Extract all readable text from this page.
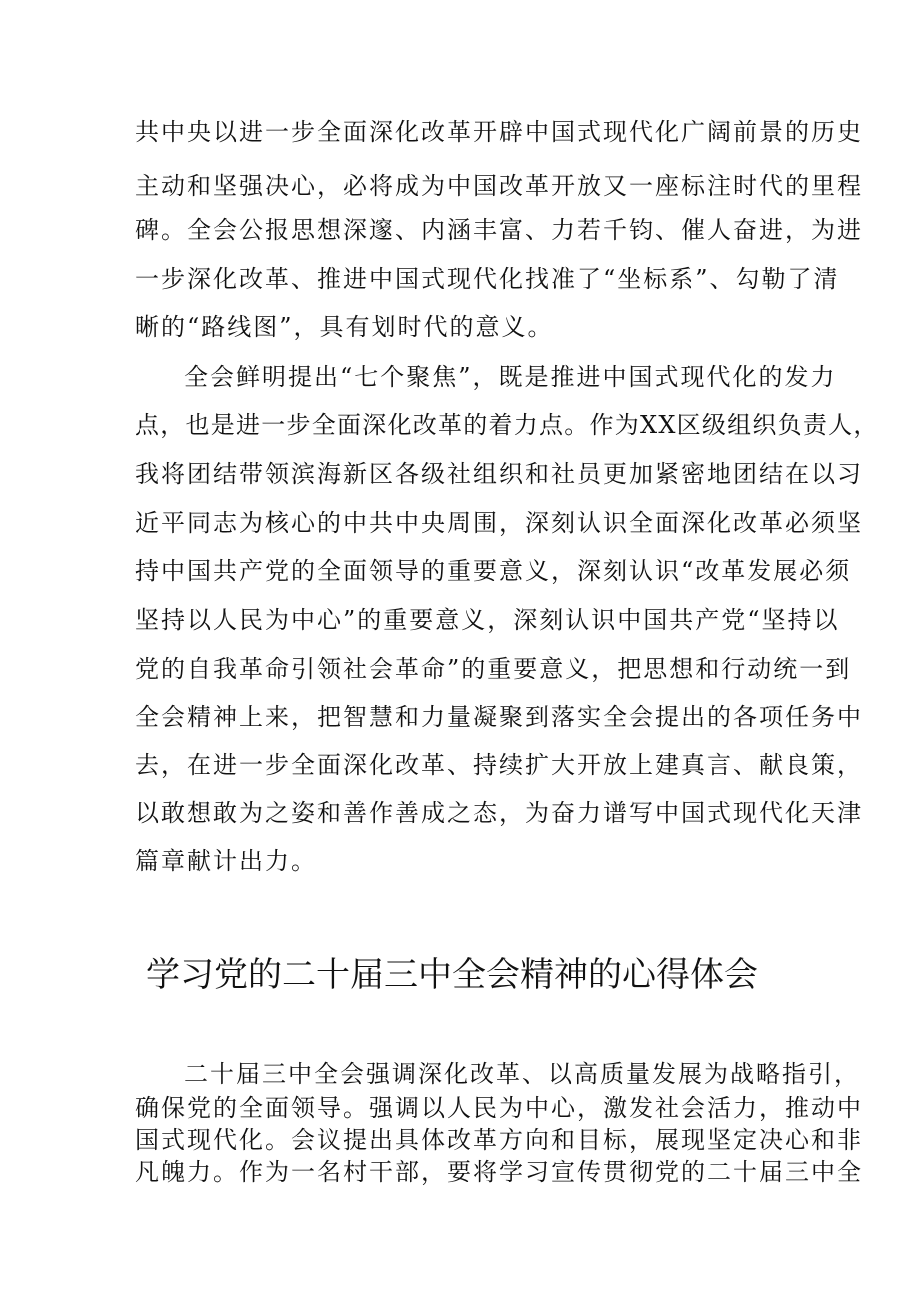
共中央以进一步全面深化改革开辟中国式现代化广阔前景的历史

主动和坚强决心，必将成为中国改革开放又一座标注时代的里程

碑。全会公报思想深邃、内涵丰富、力若千钧、催人奋进，为进

一步深化改革、推进中国式现代化找准了“坐标系”、勾勒了清

晰的“路线图”，具有划时代的意义。

全会鲜明提出“七个聚焦”，既是推进中国式现代化的发力

点，也是进一步全面深化改革的着力点。作为XX区级组织负责人，

我将团结带领滨海新区各级社组织和社员更加紧密地团结在以习

近平同志为核心的中共中央周围，深刻认识全面深化改革必须坚

持中国共产党的全面领导的重要意义，深刻认识“改革发展必须

坚持以人民为中心”的重要意义，深刻认识中国共产党“坚持以

党的自我革命引领社会革命”的重要意义，把思想和行动统一到

全会精神上来，把智慧和力量凝聚到落实全会提出的各项任务中

去，在进一步全面深化改革、持续扩大开放上建真言、献良策，

以敢想敢为之姿和善作善成之态，为奋力谱写中国式现代化天津

篇章献计出力。

学习党的二十届三中全会精神的心得体会

二十届三中全会强调深化改革、以高质量发展为战略指引，

确保党的全面领导。强调以人民为中心，激发社会活力，推动中

国式现代化。会议提出具体改革方向和目标，展现坚定决心和非

凡魄力。作为一名村干部，要将学习宣传贯彻党的二十届三中全
